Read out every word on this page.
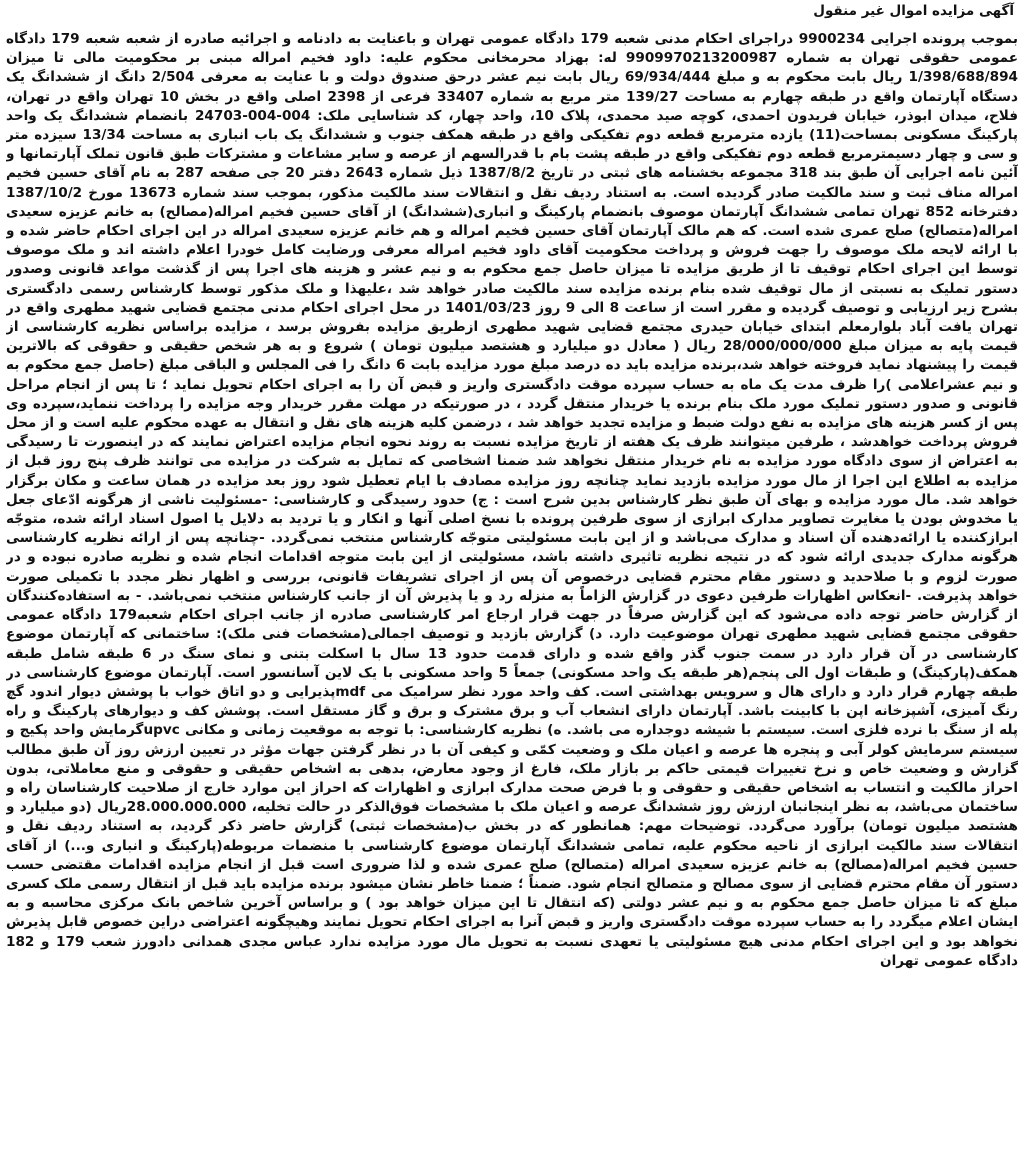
آگهی مزایده اموال غیر منقول

بموجب پرونده اجرایی 9900234 دراجرای احکام مدنی شعبه 179 دادگاه عمومی تهران و باعنایت به دادنامه و اجرائیه صادره از شعبه شعبه 179 دادگاه عمومی حقوقی تهران به شماره 9909970213200987 له: بهزاد محرمخانی محکوم علیه: داود فخیم امراله مبنی بر محکومیت مالی تا میزان 1/398/688/894 ریال بابت محکوم به و مبلغ 69/934/444 ریال بابت نیم عشر درحق صندوق دولت و با عنایت به معرفی 2/504 دانگ از ششدانگ یک دستگاه آپارتمان واقع در طبقه چهارم به مساحت 139/27 متر مربع به شماره 33407 فرعی از 2398 اصلی واقع در بخش 10 تهران واقع در تهران، فلاح، میدان ابوذر، خیابان فریدون احمدی، کوچه صید محمدی، پلاک 10، واحد چهار، کد شناسایی ملک: 004-004-24703 بانضمام ششدانگ یک واحد پارکینگ مسکونی بمساحت(11) یازده مترمربع قطعه دوم تفکیکی واقع در طبقه همکف جنوب و ششدانگ یک باب انباری به مساحت 13/34 سیزده متر و سی و چهار دسیمترمربع قطعه دوم تفکیکی واقع در طبقه پشت بام با قدرالسهم از عرصه و سایر مشاعات و مشترکات طبق قانون تملک آپارتمانها و آئین نامه اجرایی آن طبق بند 318 مجموعه بخشنامه های ثبتی در تاریخ 1387/8/2 ذیل شماره 2643 دفتر 20 جی صفحه 287 به نام آقای حسین فخیم امراله مناف ثبت و سند مالکیت صادر گردیده است. به استناد ردیف نقل و انتقالات سند مالکیت مذکور، بموجب سند شماره 13673 مورخ 1387/10/2 دفترخانه 852 تهران تمامی ششدانگ آپارتمان موصوف بانضمام پارکینگ و انباری(ششدانگ) از آقای حسین فخیم امراله(مصالح) به خانم عزیزه سعیدی امراله(متصالح) صلح عمری شده است. که هم مالک آپارتمان آقای حسین فخیم امراله و هم خانم عزیزه سعیدی امراله در این اجرای احکام حاضر شده و با ارائه لایحه ملک موصوف را جهت فروش و پرداخت محکومیت آقای داود فخیم امراله معرفی ورضایت کامل خودرا اعلام داشته اند و ملک موصوف توسط این اجرای احکام توقیف تا از طریق مزایده تا میزان حاصل جمع محکوم به و نیم عشر و هزینه های اجرا پس از گذشت مواعد قانونی وصدور دستور تملیک به نسبتی از مال توقیف شده بنام برنده مزایده سند مالکیت صادر خواهد شد ،علیهذا و ملک مذکور توسط کارشناس رسمی دادگستری بشرح زیر ارزیابی و توصیف گردیده و مقرر است از ساعت 8 الی 9 روز 1401/03/23 در محل اجرای احکام مدنی مجتمع قضایی شهید مطهری واقع در تهران یافت آباد بلوارمعلم ابتدای خیابان حیدری مجتمع قضایی شهید مطهری ازطریق مزایده بفروش برسد ، مزایده براساس نظریه کارشناسی از قیمت پایه به میزان مبلغ 28/000/000/000 ریال ( معادل دو میلیارد و هشتصد میلیون تومان ) شروع و به هر شخص حقیقی و حقوقی که بالاترین قیمت را پیشنهاد نماید فروخته خواهد شد،برنده مزایده باید ده درصد مبلغ مورد مزایده بابت 6 دانگ را فی المجلس و الباقی مبلغ (حاصل جمع محکوم به و نیم عشراعلامی )را ظرف مدت یک ماه به حساب سپرده موقت دادگستری واریز و قبض آن را به اجرای احکام تحویل نماید ؛ تا پس از انجام مراحل قانونی و صدور دستور تملیک مورد ملک بنام برنده یا خریدار منتقل گردد ، در صورتیکه در مهلت مقرر خریدار وجه مزایده را پرداخت ننماید،سپرده وی پس از کسر هزینه های مزایده به نفع دولت ضبط و مزایده تجدید خواهد شد ، درضمن کلیه هزینه های نقل و انتقال به عهده محکوم علیه است و از محل فروش پرداخت خواهدشد ، طرفین میتوانند ظرف یک هفته از تاریخ مزایده نسبت به روند نحوه انجام مزایده اعتراض نمایند که در اینصورت تا رسیدگی به اعتراض از سوی دادگاه مورد مزایده به نام خریدار منتقل نخواهد شد ضمنا اشخاصی که تمایل به شرکت در مزایده می توانند ظرف پنج روز قبل از مزایده به اطلاع این اجرا از مال مورد مزایده بازدید نماید چنانچه روز مزایده مصادف با ایام تعطیل شود روز بعد مزایده در همان ساعت و مکان برگزار خواهد شد. مال مورد مزایده و بهای آن طبق نظر کارشناس بدین شرح است : ج) حدود رسیدگی و کارشناسی: -مسئولیت ناشی از هرگونه ادّعای جعل یا مخدوش بودن یا مغایرت تصاویر مدارک ابرازی از سوی طرفین پرونده با نسخ اصلی آنها و انکار و یا تردید به دلایل یا اصول اسناد ارائه شده، متوجّه ابرازکننده یا ارائه‌دهنده آن اسناد و مدارک می‌باشد و از این بابت مسئولیتی متوجّه کارشناس منتخب نمی‌گردد. -چنانچه پس از ارائه نظریه کارشناسی هرگونه مدارک جدیدی ارائه شود که در نتیجه نظریه تاثیری داشته باشد، مسئولیتی از این بابت متوجه اقدامات انجام شده و نظریه صادره نبوده و در صورت لزوم و با صلاحدید و دستور مقام محترم قضایی درخصوص آن پس از اجرای تشریفات قانونی، بررسی و اظهار نظر مجدد با تکمیلی صورت خواهد پذیرفت. -انعکاس اظهارات طرفین دعوی در گزارش الزاماً به منزله رد و یا پذیرش آن از جانب کارشناس منتخب نمی‌باشد. - به استفاده‌کنندگان از گزارش حاضر توجه داده می‌شود که این گزارش صرفاً در جهت قرار ارجاع امر کارشناسی صادره از جانب اجرای احکام شعبه179 دادگاه عمومی حقوقی مجتمع قضایی شهید مطهری تهران موضوعیت دارد. د) گزارش بازدید و توصیف اجمالی(مشخصات فنی ملک): ساختمانی که آپارتمان موضوع کارشناسی در آن قرار دارد در سمت جنوب گذر واقع شده و دارای قدمت حدود 13 سال با اسکلت بتنی و نمای سنگ در 6 طبقه شامل طبقه همکف(پارکینگ) و طبقات اول الی پنجم(هر طبقه یک واحد مسکونی) جمعاً 5 واحد مسکونی با یک لاین آسانسور است. آپارتمان موضوع کارشناسی در طبقه چهارم قرار دارد و دارای هال و سرویس بهداشتی است. کف واحد مورد نظر سرامیک می mdfپذیرایی و دو اتاق خواب با پوشش دیوار اندود گچ رنگ آمیزی، آشپزخانه اپن با کابینت باشد. آپارتمان دارای انشعاب آب و برق مشترک و برق و گاز مستقل است. پوشش کف و دیوارهای پارکینگ و راه پله از سنگ با نرده فلزی است. سیستم با شیشه دوجداره می باشد. ه) نظریه کارشناسی: با توجه به موقعیت زمانی و مکانی upvcگرمایش واحد پکیج و سیستم سرمایش کولر آبی و پنجره ها عرصه و اعیان ملک و وضعیت کمّی و کیفی آن با در نظر گرفتن جهات مؤثر در تعیین ارزش روز آن طبق مطالب گزارش و وضعیت خاص و نرخ تغییرات قیمتی حاکم بر بازار ملک، فارغ از وجود معارض، بدهی به اشخاص حقیقی و حقوقی و منع معاملاتی، بدون احراز مالکیت و انتساب به اشخاص حقیقی و حقوقی و با فرض صحت مدارک ابرازی و اظهارات که احراز این موارد خارج از صلاحیت کارشناسان راه و ساختمان می‌باشد، به نظر اینجانبان ارزش روز ششدانگ عرصه و اعیان ملک با مشخصات فوق‌الذکر در حالت تخلیه، 28.000.000.000ریال (دو میلیارد و هشتصد میلیون تومان) برآورد می‌گردد. توضیحات مهم: همانطور که در بخش ب(مشخصات ثبتی) گزارش حاضر ذکر گردید، به استناد ردیف نقل و انتقالات سند مالکیت ابرازی از ناحیه محکوم علیه، تمامی ششدانگ آپارتمان موضوع کارشناسی با منضمات مربوطه(پارکینگ و انباری و...) از آقای حسین فخیم امراله(مصالح) به خانم عزیزه سعیدی امراله (متصالح) صلح عمری شده و لذا ضروری است قبل از انجام مزایده اقدامات مقتضی حسب دستور آن مقام محترم قضایی از سوی مصالح و متصالح انجام شود. ضمناً ؛ ضمنا خاطر نشان میشود برنده مزایده باید قبل از انتقال رسمی ملک کسری مبلغ که تا میزان حاصل جمع محکوم به و نیم عشر دولتی (که انتقال تا این میزان خواهد بود ) و براساس آخرین شاخص بانک مرکزی محاسبه و به ایشان اعلام میگردد را به حساب سپرده موقت دادگستری واریز و قبض آنرا به اجرای احکام تحویل نمایند وهیچگونه اعتراضی دراین خصوص قابل پذیرش نخواهد بود و این اجرای احکام مدنی هیچ مسئولیتی یا تعهدی نسبت به تحویل مال مورد مزایده ندارد عباس مجدی همدانی دادورز شعب 179 و 182 دادگاه عمومی تهران
